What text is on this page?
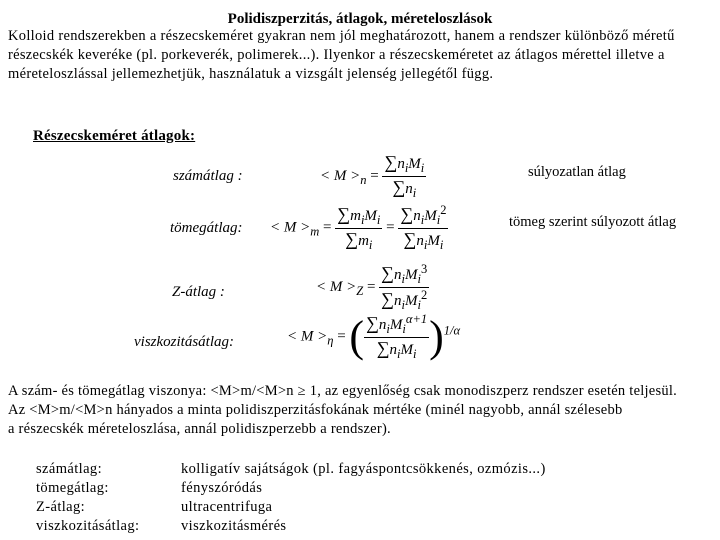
Polidiszperzitás, átlagok, méreteloszlások
Kolloid rendszerekben a részecskeméret gyakran nem jól meghatározott, hanem a rendszer különböző méretű részecskék keveréke (pl. porkeverék, polimerek...). Ilyenkor a részecskeméretet az átlagos mérettel illetve a méreteloszlással jellemezhetjük, használatuk a vizsgált jelenség jellegétől függ.
Részecskeméret átlagok:
számátlag :
tömegátlag:
Z-átlag :
viszkozitásátlag:
súlyozatlan átlag
tömeg szerint súlyozott átlag
< $M >_n = \frac{\sum n_iM_i}{\sum n_i}$
< $M >_m = \frac{\sum m_iM_i}{\sum m_i} = \frac{\sum n_iM_i^2}{\sum n_iM_i}$
< $M >_Z = \frac{\sum n_iM_i^3}{\sum n_iM_i^2}$
< $M >_\eta$ = ( $\frac{\sum n_iM_i^{\alpha+1}}{\sum n_iM_i} )^{1/\alpha}$
A szám- és tömegátlag viszonya: <M>m/<M>n ≥ 1, az egyenlőség csak monodiszperz rendszer esetén teljesül.
Az <M>m/<M>n hányados a minta polidiszperzitásfokának mértéke (minél nagyobb, annál szélesebb
a részecskék méreteloszlása, annál polidiszperzebb a rendszer).
számátlag:
tömegátlag:
Z-átlag:
viszkozitásátlag:
kolligatív sajátságok (pl. fagyáspontcsökkenés, ozmózis...)
fényszóródás
ultracentrifuga
viszkozitásmérés
